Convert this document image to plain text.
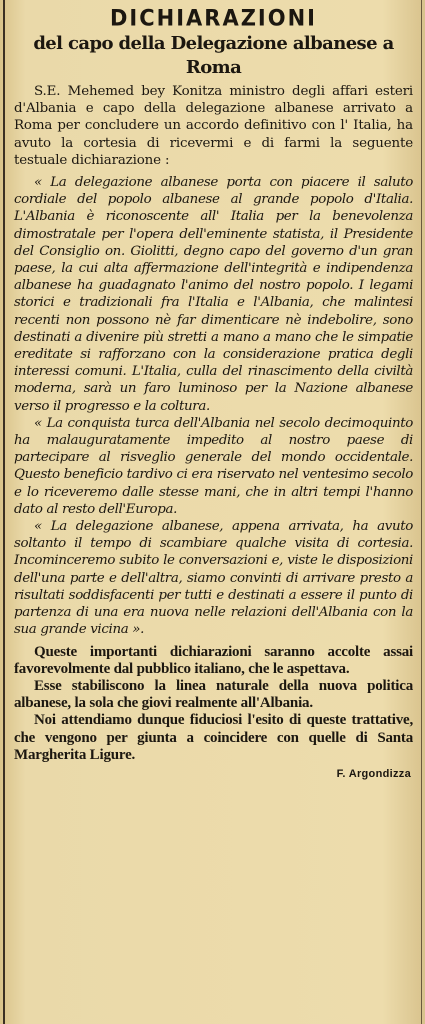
DICHIARAZIONI
del capo della Delegazione albanese a Roma

S.E. Mehemed bey Konitza ministro degli affari esteri d'Albania e capo della delegazione albanese arrivato a Roma per concludere un accordo definitivo con l' Italia, ha avuto la cortesia di ricevermi e di farmi la seguente testuale dichiarazione :

« La delegazione albanese porta con piacere il saluto cordiale del popolo albanese al grande popolo d'Italia. L'Albania è riconoscente all' Italia per la benevolenza dimostratale per l'opera dell'eminente statista, il Presidente del Consiglio on. Giolitti, degno capo del governo d'un gran paese, la cui alta affermazione dell'integrità e indipendenza albanese ha guadagnato l'animo del nostro popolo. I legami storici e tradizionali fra l'Italia e l'Albania, che malintesi recenti non possono nè far dimenticare nè indebolire, sono destinati a divenire più stretti a mano a mano che le simpatie ereditate si rafforzano con la considerazione pratica degli interessi comuni. L'Italia, culla del rinascimento della civiltà moderna, sarà un faro luminoso per la Nazione albanese verso il progresso e la coltura.

« La conquista turca dell'Albania nel secolo decimoquinto ha malauguratamente impedito al nostro paese di partecipare al risveglio generale del mondo occidentale. Questo beneficio tardivo ci era riservato nel ventesimo secolo e lo riceveremo dalle stesse mani, che in altri tempi l'hanno dato al resto dell'Europa.

« La delegazione albanese, appena arrivata, ha avuto soltanto il tempo di scambiare qualche visita di cortesia. Incominceremo subito le conversazioni e, viste le disposizioni dell'una parte e dell'altra, siamo convinti di arrivare presto a risultati soddisfacenti per tutti e destinati a essere il punto di partenza di una era nuova nelle relazioni dell'Albania con la sua grande vicina ».

Queste importanti dichiarazioni saranno accolte assai favorevolmente dal pubblico italiano, che le aspettava.

Esse stabiliscono la linea naturale della nuova politica albanese, la sola che giovi realmente all'Albania.

Noi attendiamo dunque fiduciosi l'esito di queste trattative, che vengono per giunta a coincidere con quelle di Santa Margherita Ligure.

F. Argondizza
